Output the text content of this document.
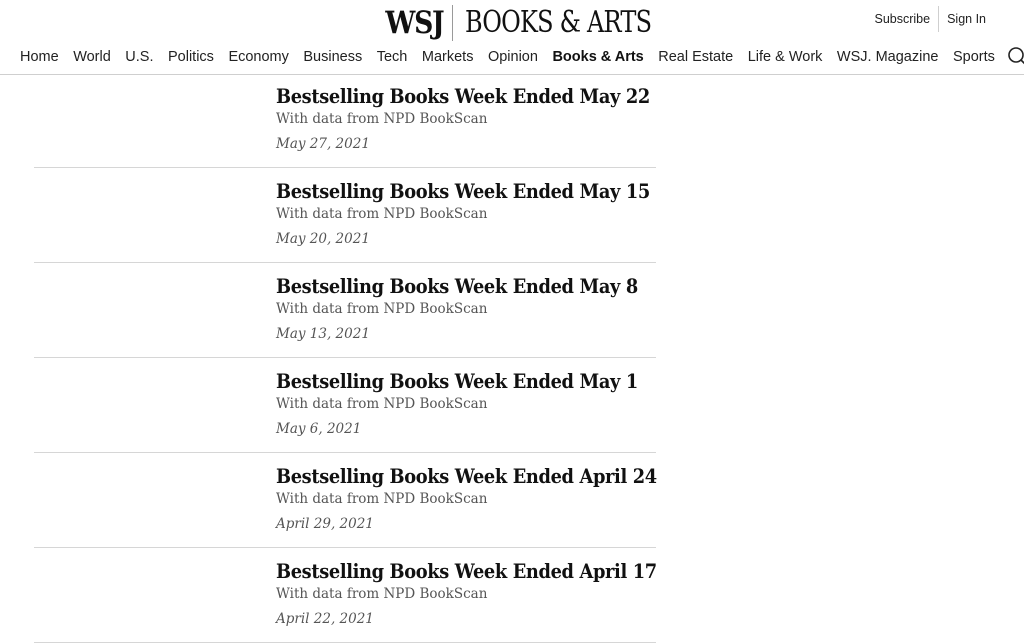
WSJ BOOKS & ARTS	Subscribe Sign In
Home World U.S. Politics Economy Business Tech Markets Opinion Books & Arts Real Estate Life & Work WSJ. Magazine Sports
Bestselling Books Week Ended May 22
With data from NPD BookScan
May 27, 2021
Bestselling Books Week Ended May 15
With data from NPD BookScan
May 20, 2021
Bestselling Books Week Ended May 8
With data from NPD BookScan
May 13, 2021
Bestselling Books Week Ended May 1
With data from NPD BookScan
May 6, 2021
Bestselling Books Week Ended April 24
With data from NPD BookScan
April 29, 2021
Bestselling Books Week Ended April 17
With data from NPD BookScan
April 22, 2021
